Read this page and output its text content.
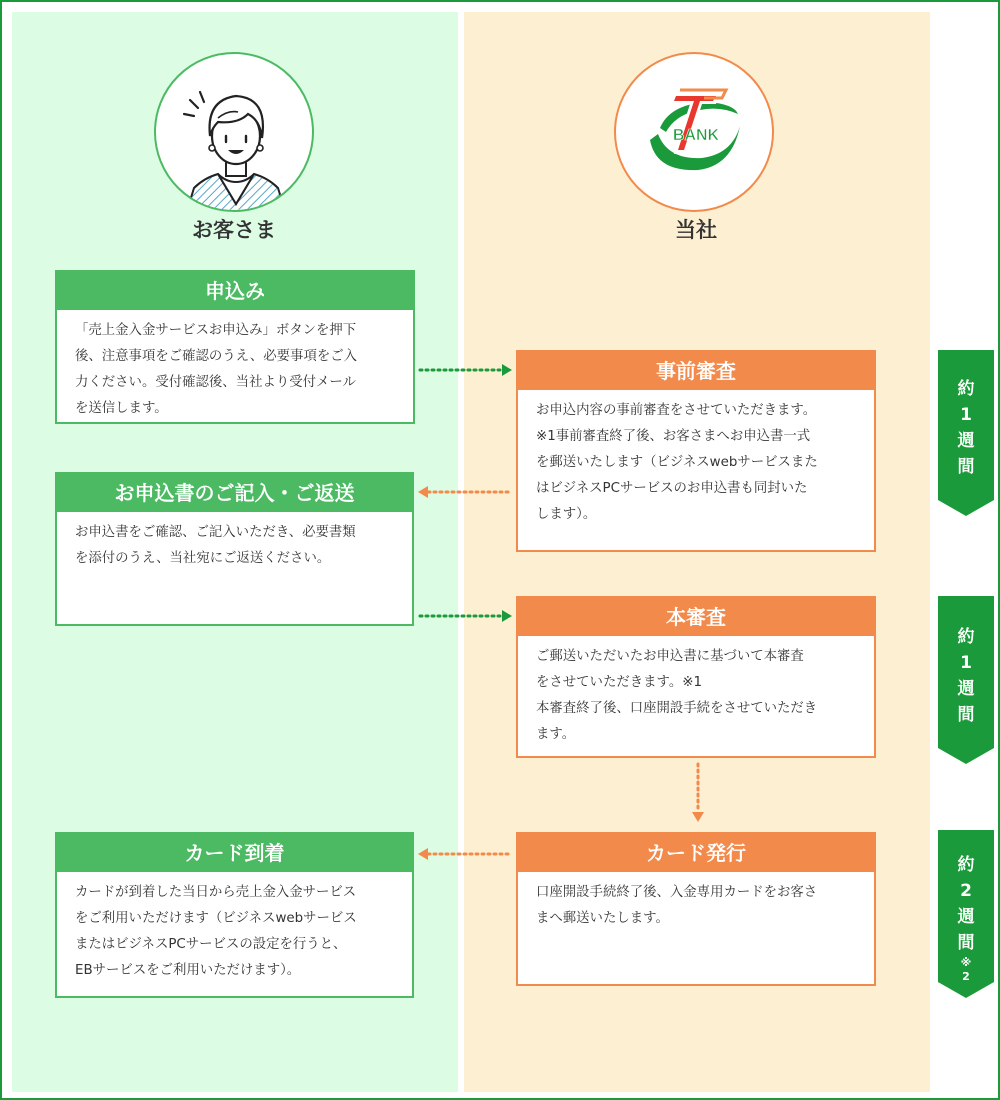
お客さま
BANK
当社
申込み
「売上金入金サービスお申込み」ボタンを押下
後、注意事項をご確認のうえ、必要事項をご入
力ください。受付確認後、当社より受付メール
を送信します。
お申込書のご記入・ご返送
お申込書をご確認、ご記入いただき、必要書類
を添付のうえ、当社宛にご返送ください。
カード到着
カードが到着した当日から売上金入金サービス
をご利用いただけます（ビジネスwebサービス
またはビジネスPCサービスの設定を行うと、
EBサービスをご利用いただけます）。
事前審査
お申込内容の事前審査をさせていただきます。
※1事前審査終了後、お客さまへお申込書一式
を郵送いたします（ビジネスwebサービスまた
はビジネスPCサービスのお申込書も同封いた
します）。
本審査
ご郵送いただいたお申込書に基づいて本審査
をさせていただきます。※1
本審査終了後、口座開設手続をさせていただき
ます。
カード発行
口座開設手続終了後、入金専用カードをお客さ
まへ郵送いたします。
約
1
週
間
約
1
週
間
約
2
週
間
※
2
